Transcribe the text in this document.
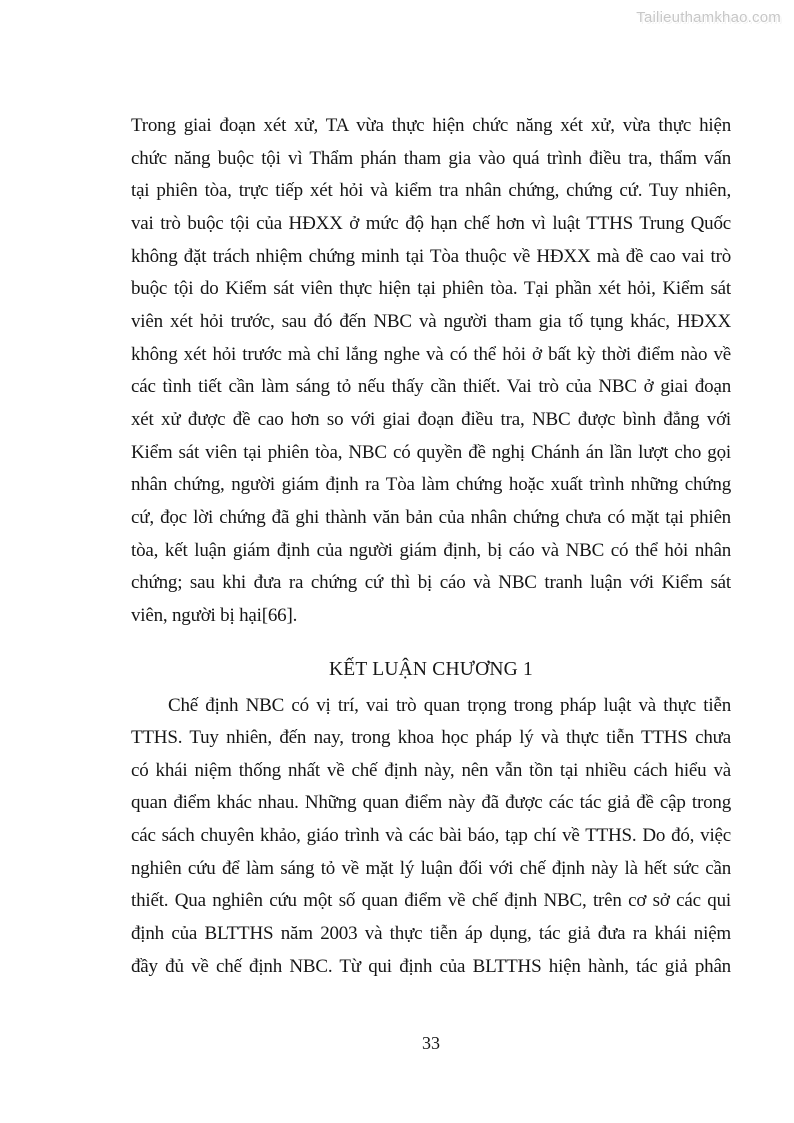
Tailieuthamkhao.com
Trong giai đoạn xét xử, TA vừa thực hiện chức năng xét xử, vừa thực hiện
chức năng buộc tội vì Thẩm phán tham gia vào quá trình điều tra, thẩm vấn
tại phiên tòa, trực tiếp xét hỏi và kiểm tra nhân chứng, chứng cứ. Tuy nhiên,
vai trò buộc tội của HĐXX ở mức độ hạn chế hơn vì luật TTHS Trung Quốc
không đặt trách nhiệm chứng minh tại Tòa thuộc về HĐXX mà đề cao vai trò
buộc tội do Kiểm sát viên thực hiện tại phiên tòa. Tại phần xét hỏi, Kiểm sát
viên xét hỏi trước, sau đó đến NBC và người tham gia tố tụng khác, HĐXX
không xét hỏi trước mà chỉ lắng nghe và có thể hỏi ở bất kỳ thời điểm nào về
các tình tiết cần làm sáng tỏ nếu thấy cần thiết. Vai trò của NBC ở giai đoạn
xét xử được đề cao hơn so với giai đoạn điều tra, NBC được bình đẳng với
Kiểm sát viên tại phiên tòa, NBC có quyền đề nghị Chánh án lần lượt cho gọi
nhân chứng, người giám định ra Tòa làm chứng hoặc xuất trình những chứng
cứ, đọc lời chứng đã ghi thành văn bản của nhân chứng chưa có mặt tại phiên
tòa, kết luận giám định của người giám định, bị cáo và NBC có thể hỏi nhân
chứng; sau khi đưa ra chứng cứ thì bị cáo và NBC tranh luận với Kiểm sát
viên, người bị hại[66].
KẾT LUẬN CHƯƠNG 1
Chế định NBC có vị trí, vai trò quan trọng trong pháp luật và thực tiễn
TTHS. Tuy nhiên, đến nay, trong khoa học pháp lý và thực tiễn TTHS chưa
có khái niệm thống nhất về chế định này, nên vẫn tồn tại nhiều cách hiểu và
quan điểm khác nhau. Những quan điểm này đã được các tác giả đề cập trong
các sách chuyên khảo, giáo trình và các bài báo, tạp chí về TTHS. Do đó, việc
nghiên cứu để làm sáng tỏ về mặt lý luận đối với chế định này là hết sức cần
thiết. Qua nghiên cứu một số quan điểm về chế định NBC, trên cơ sở các qui
định của BLTTHS năm 2003 và thực tiễn áp dụng, tác giả đưa ra khái niệm
đầy đủ về chế định NBC. Từ qui định của BLTTHS hiện hành, tác giả phân
33
